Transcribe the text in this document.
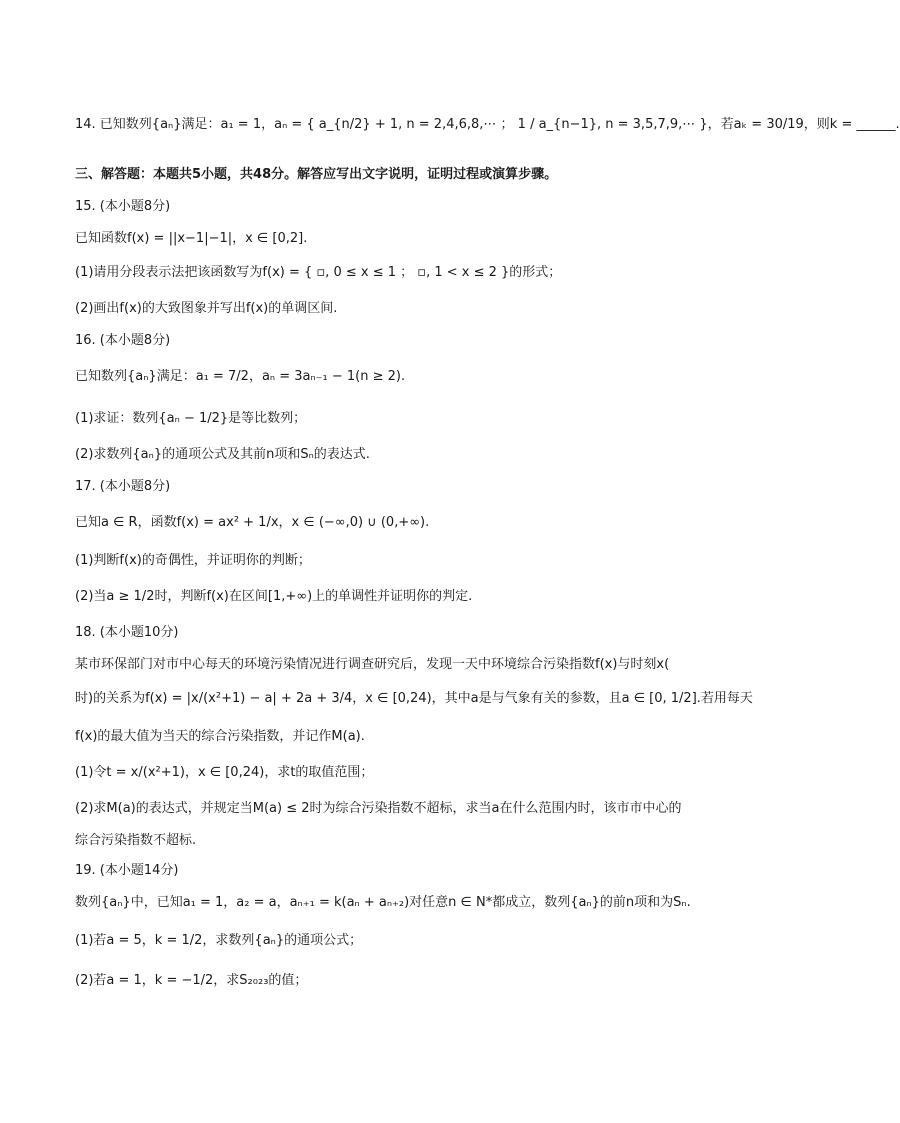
14. 已知数列{aₙ}满足：a₁ = 1，aₙ = { a_{n/2} + 1, n = 2,4,6,8,⋯ ； 1 / a_{n−1}, n = 3,5,7,9,⋯ }，若aₖ = 30/19，则k = ______.
三、解答题：本题共5小题，共48分。解答应写出文字说明，证明过程或演算步骤。
15. (本小题8分)
已知函数f(x) = ||x−1|−1|，x ∈ [0,2].
(1)请用分段表示法把该函数写为f(x) = { ▫, 0 ≤ x ≤ 1 ； ▫, 1 < x ≤ 2 }的形式；
(2)画出f(x)的大致图象并写出f(x)的单调区间.
16. (本小题8分)
已知数列{aₙ}满足：a₁ = 7/2，aₙ = 3aₙ₋₁ − 1(n ≥ 2).
(1)求证：数列{aₙ − 1/2}是等比数列；
(2)求数列{aₙ}的通项公式及其前n项和Sₙ的表达式.
17. (本小题8分)
已知a ∈ R，函数f(x) = ax² + 1/x，x ∈ (−∞,0) ∪ (0,+∞).
(1)判断f(x)的奇偶性，并证明你的判断；
(2)当a ≥ 1/2时，判断f(x)在区间[1,+∞)上的单调性并证明你的判定.
18. (本小题10分)
某市环保部门对市中心每天的环境污染情况进行调查研究后，发现一天中环境综合污染指数f(x)与时刻x(
时)的关系为f(x) = |x/(x²+1) − a| + 2a + 3/4，x ∈ [0,24)，其中a是与气象有关的参数，且a ∈ [0, 1/2].若用每天
f(x)的最大值为当天的综合污染指数，并记作M(a).
(1)令t = x/(x²+1)，x ∈ [0,24)，求t的取值范围；
(2)求M(a)的表达式，并规定当M(a) ≤ 2时为综合污染指数不超标，求当a在什么范围内时，该市市中心的
综合污染指数不超标.
19. (本小题14分)
数列{aₙ}中，已知a₁ = 1，a₂ = a，aₙ₊₁ = k(aₙ + aₙ₊₂)对任意n ∈ N*都成立，数列{aₙ}的前n项和为Sₙ.
(1)若a = 5，k = 1/2，求数列{aₙ}的通项公式；
(2)若a = 1，k = −1/2，求S₂₀₂₃的值；
